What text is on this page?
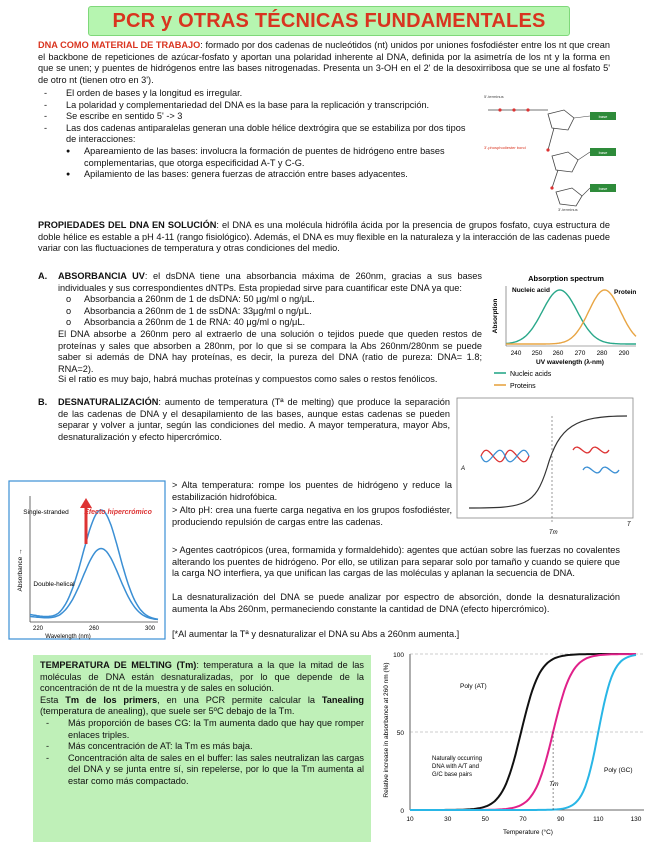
PCR y OTRAS TÉCNICAS FUNDAMENTALES
DNA COMO MATERIAL DE TRABAJO: formado por dos cadenas de nucleótidos (nt) unidos por uniones fosfodiéster entre los nt que crean el backbone de repeticiones de azúcar-fosfato y aportan una polaridad inherente al DNA, definida por la asimetría de los nt y la forma en que se unen; y puentes de hidrógenos entre las bases nitrogenadas. Presenta un 3-OH en el 2' de la desoxirribosa que se une al fosfato 5' de otro nt (tienen otro en 3').
- El orden de bases y la longitud es irregular.
- La polaridad y complementariedad del DNA es la base para la replicación y transcripción.
- Se escribe en sentido 5' -> 3
- Las dos cadenas antiparalelas generan una doble hélice dextrógira que se estabiliza por dos tipos de interacciones:
● Apareamiento de las bases: involucra la formación de puentes de hidrógeno entre bases complementarias, que otorga especificidad A-T y C-G.
● Apilamiento de las bases: genera fuerzas de atracción entre bases adyacentes.
5'-terminus
base
3'-phosphodiester bond
base
base
3'-terminus
PROPIEDADES DEL DNA EN SOLUCIÓN: el DNA es una molécula hidrófila ácida por la presencia de grupos fosfato, cuya estructura de doble hélice es estable a pH 4-11 (rango fisiológico). Además, el DNA es muy flexible en la naturaleza y la interacción de las cadenas puede variar con las fluctuaciones de temperatura y otras condiciones del medio.
A. ABSORBANCIA UV: el dsDNA tiene una absorbancia máxima de 260nm, gracias a sus bases individuales y sus correspondientes dNTPs. Esta propiedad sirve para cuantificar este DNA ya que:
o Absorbancia a 260nm de 1 de dsDNA: 50 μg/ml o ng/μL.
o Absorbancia a 260nm de 1 de ssDNA: 33μg/ml o ng/μL.
o Absorbancia a 260nm de 1 de RNA: 40 μg/ml o ng/μL.
El DNA absorbe a 260nm pero al extraerlo de una solución o tejidos puede que queden restos de proteínas y sales que absorben a 280nm, por lo que si se compara la Abs 260nm/280nm se puede saber si además de DNA hay proteínas, es decir, la pureza del DNA (ratio de pureza: DNA= 1.8; RNA=2).
Si el ratio es muy bajo, habrá muchas proteínas y compuestos como sales o restos fenólicos.
Absorption spectrum
Absorption
Nucleic acid	Protein
240 250 260 270 280 290
UV wavelength (λ-nm)
Nucleic acids
Proteins
B. DESNATURALIZACIÓN: aumento de temperatura (Tª de melting) que produce la separación de las cadenas de DNA y el desapilamiento de las bases, aunque estas cadenas se pueden separar y volver a juntar, según las condiciones del medio. A mayor temperatura, mayor Abs, desnaturalización y efecto hipercrómico.
> Alta temperatura: rompe los puentes de hidrógeno y reduce la estabilización hidrofóbica.
> Alto pH: crea una fuerte carga negativa en los grupos fosfodiéster, produciendo repulsión de cargas entre las cadenas.
> Agentes caotrópicos (urea, formamida y formaldehido): agentes que actúan sobre las fuerzas no covalentes alterando los puentes de hidrógeno. Por ello, se utilizan para separar solo por tamaño y cuando se quiere que la carga NO interfiera, ya que unifican las cargas de las moléculas y aplanan la secuencia de DNA.
La desnaturalización del DNA se puede analizar por espectro de absorción, donde la desnaturalización aumenta la Abs 260nm, permaneciendo constante la cantidad de DNA (efecto hipercrómico).
[*Al aumentar la Tª y desnaturalizar el DNA su Abs a 260nm aumenta.]
A
T
Tm
Absorbance →
Single-stranded
Double-helical
Efecto hipercrómico
220	260	300
Wavelength (nm)
TEMPERATURA DE MELTING (Tm): temperatura a la que la mitad de las moléculas de DNA están desnaturalizadas, por lo que depende de la concentración de nt de la muestra y de sales en solución.
Esta Tm de los primers, en una PCR permite calcular la Tanealing (temperatura de anealing), que suele ser 5ºC debajo de la Tm.
- Más proporción de bases CG: la Tm aumenta dado que hay que romper enlaces triples.
- Más concentración de AT: la Tm es más baja.
- Concentración alta de sales en el buffer: las sales neutralizan las cargas del DNA y se junta entre sí, sin repelerse, por lo que la Tm aumenta al estar como más compactado.	Relative increase in absorbance at 260 nm (%)
100
50
0
10	30	50	70	90	110	130
Temperature (°C)
Poly (AT)
Naturally occurring DNA with A/T and G/C base pairs
Poly (GC)
Tm
